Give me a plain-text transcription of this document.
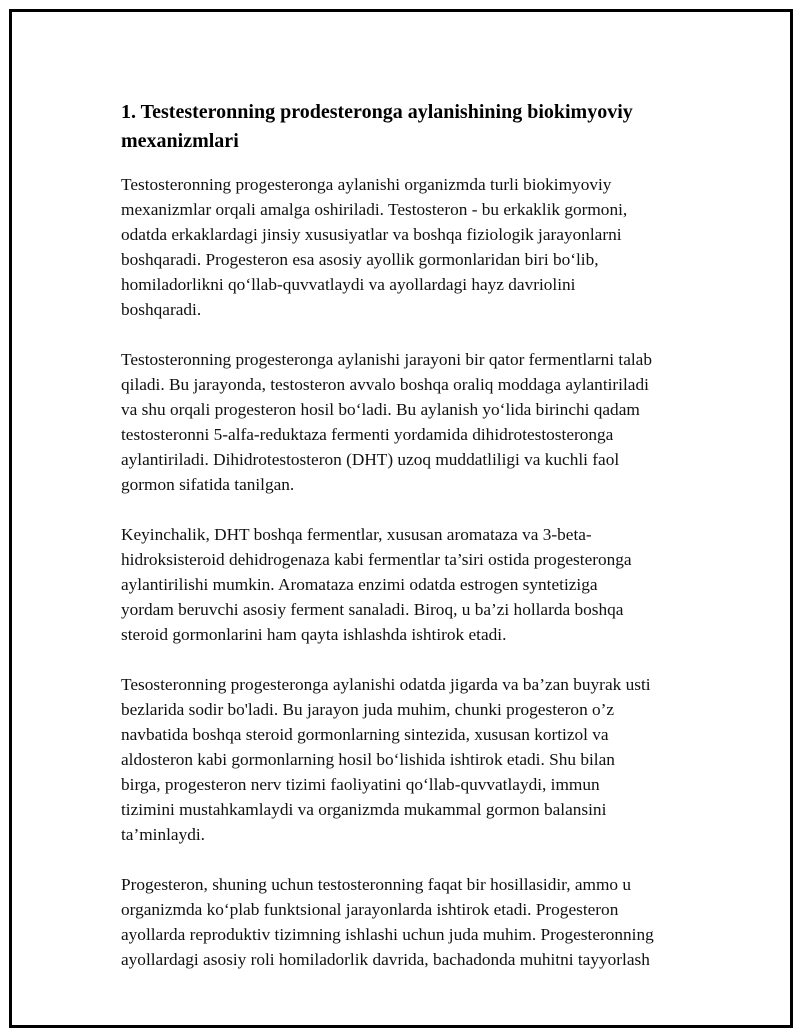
1. Testesteronning prodesteronga aylanishining biokimyoviy
mexanizmlari

Testosteronning progesteronga aylanishi organizmda turli biokimyoviy
mexanizmlar orqali amalga oshiriladi. Testosteron - bu erkaklik gormoni,
odatda erkaklardagi jinsiy xususiyatlar va boshqa fiziologik jarayonlarni
boshqaradi. Progesteron esa asosiy ayollik gormonlaridan biri bo‘lib,
homiladorlikni qo‘llab-quvvatlaydi va ayollardagi hayz davriolini
boshqaradi.

Testosteronning progesteronga aylanishi jarayoni bir qator fermentlarni talab
qiladi. Bu jarayonda, testosteron avvalo boshqa oraliq moddaga aylantiriladi
va shu orqali progesteron hosil bo‘ladi. Bu aylanish yo‘lida birinchi qadam
testosteronni 5-alfa-reduktaza fermenti yordamida dihidrotestosteronga
aylantiriladi. Dihidrotestosteron (DHT) uzoq muddatliligi va kuchli faol
gormon sifatida tanilgan.

Keyinchalik, DHT boshqa fermentlar, xususan aromataza va 3-beta-
hidroksisteroid dehidrogenaza kabi fermentlar ta’siri ostida progesteronga
aylantirilishi mumkin. Aromataza enzimi odatda estrogen syntetiziga
yordam beruvchi asosiy ferment sanaladi. Biroq, u ba’zi hollarda boshqa
steroid gormonlarini ham qayta ishlashda ishtirok etadi.

Tesosteronning progesteronga aylanishi odatda jigarda va ba’zan buyrak usti
bezlarida sodir bo'ladi. Bu jarayon juda muhim, chunki progesteron o’z
navbatida boshqa steroid gormonlarning sintezida, xususan kortizol va
aldosteron kabi gormonlarning hosil bo‘lishida ishtirok etadi. Shu bilan
birga, progesteron nerv tizimi faoliyatini qo‘llab-quvvatlaydi, immun
tizimini mustahkamlaydi va organizmda mukammal gormon balansini
ta’minlaydi.

Progesteron, shuning uchun testosteronning faqat bir hosillasidir, ammo u
organizmda ko‘plab funktsional jarayonlarda ishtirok etadi. Progesteron
ayollarda reproduktiv tizimning ishlashi uchun juda muhim. Progesteronning
ayollardagi asosiy roli homiladorlik davrida, bachadonda muhitni tayyorlash
